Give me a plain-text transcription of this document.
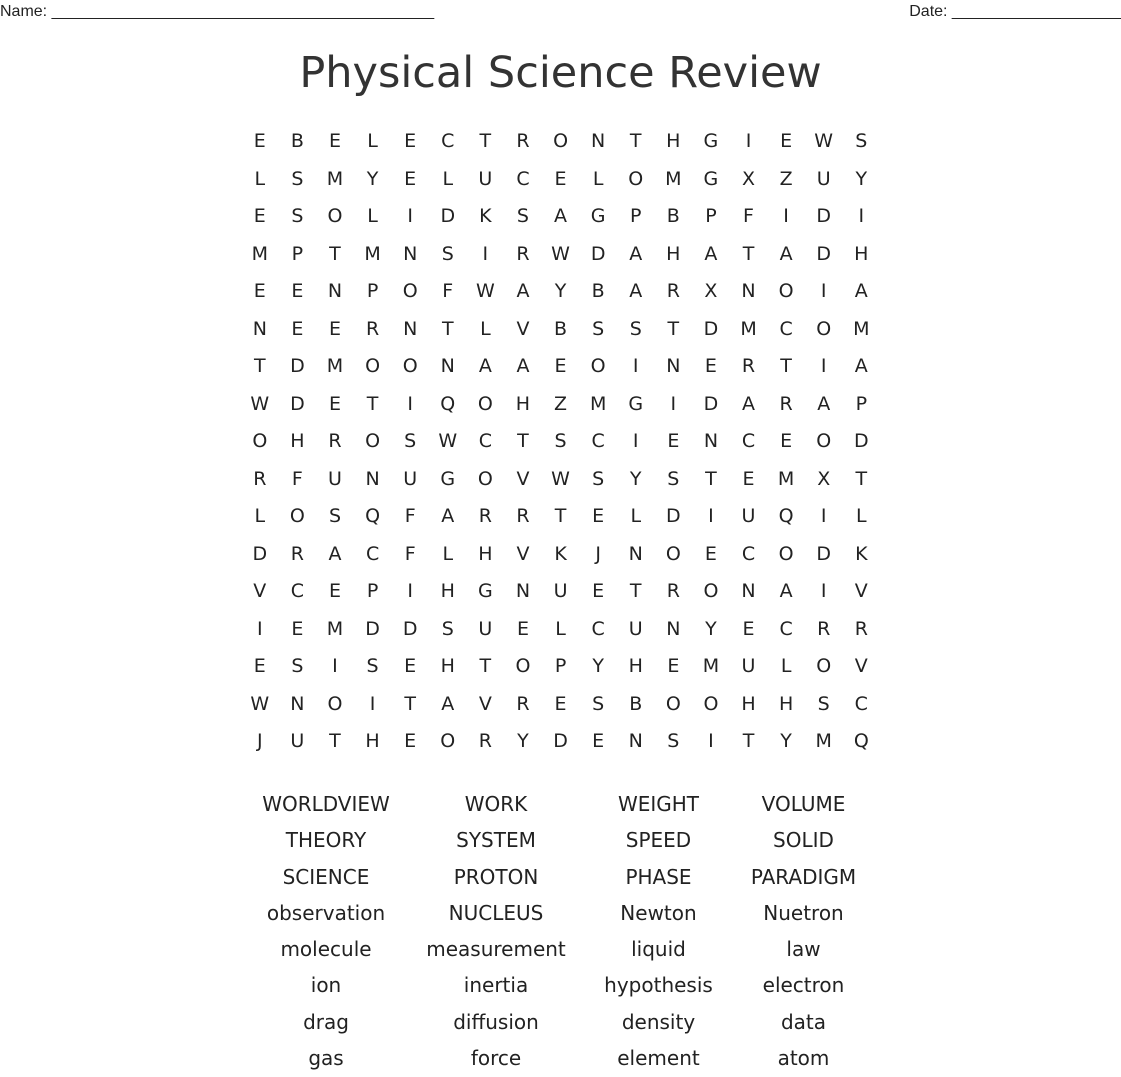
Name: ___________________________________________	Date: ___________________
Physical Science Review
E	B	E	L	E	C	T	R	O	N	T	H	G	I	E	W	S
L	S	M	Y	E	L	U	C	E	L	O	M	G	X	Z	U	Y
E	S	O	L	I	D	K	S	A	G	P	B	P	F	I	D	I
M	P	T	M	N	S	I	R	W	D	A	H	A	T	A	D	H
E	E	N	P	O	F	W	A	Y	B	A	R	X	N	O	I	A
N	E	E	R	N	T	L	V	B	S	S	T	D	M	C	O	M
T	D	M	O	O	N	A	A	E	O	I	N	E	R	T	I	A
W	D	E	T	I	Q	O	H	Z	M	G	I	D	A	R	A	P
O	H	R	O	S	W	C	T	S	C	I	E	N	C	E	O	D
R	F	U	N	U	G	O	V	W	S	Y	S	T	E	M	X	T
L	O	S	Q	F	A	R	R	T	E	L	D	I	U	Q	I	L
D	R	A	C	F	L	H	V	K	J	N	O	E	C	O	D	K
V	C	E	P	I	H	G	N	U	E	T	R	O	N	A	I	V
I	E	M	D	D	S	U	E	L	C	U	N	Y	E	C	R	R
E	S	I	S	E	H	T	O	P	Y	H	E	M	U	L	O	V
W	N	O	I	T	A	V	R	E	S	B	O	O	H	H	S	C
J	U	T	H	E	O	R	Y	D	E	N	S	I	T	Y	M	Q
WORLDVIEW	WORK	WEIGHT	VOLUME
THEORY	SYSTEM	SPEED	SOLID
SCIENCE	PROTON	PHASE	PARADIGM
observation	NUCLEUS	Newton	Nuetron
molecule	measurement	liquid	law
ion	inertia	hypothesis	electron
drag	diffusion	density	data
gas	force	element	atom
